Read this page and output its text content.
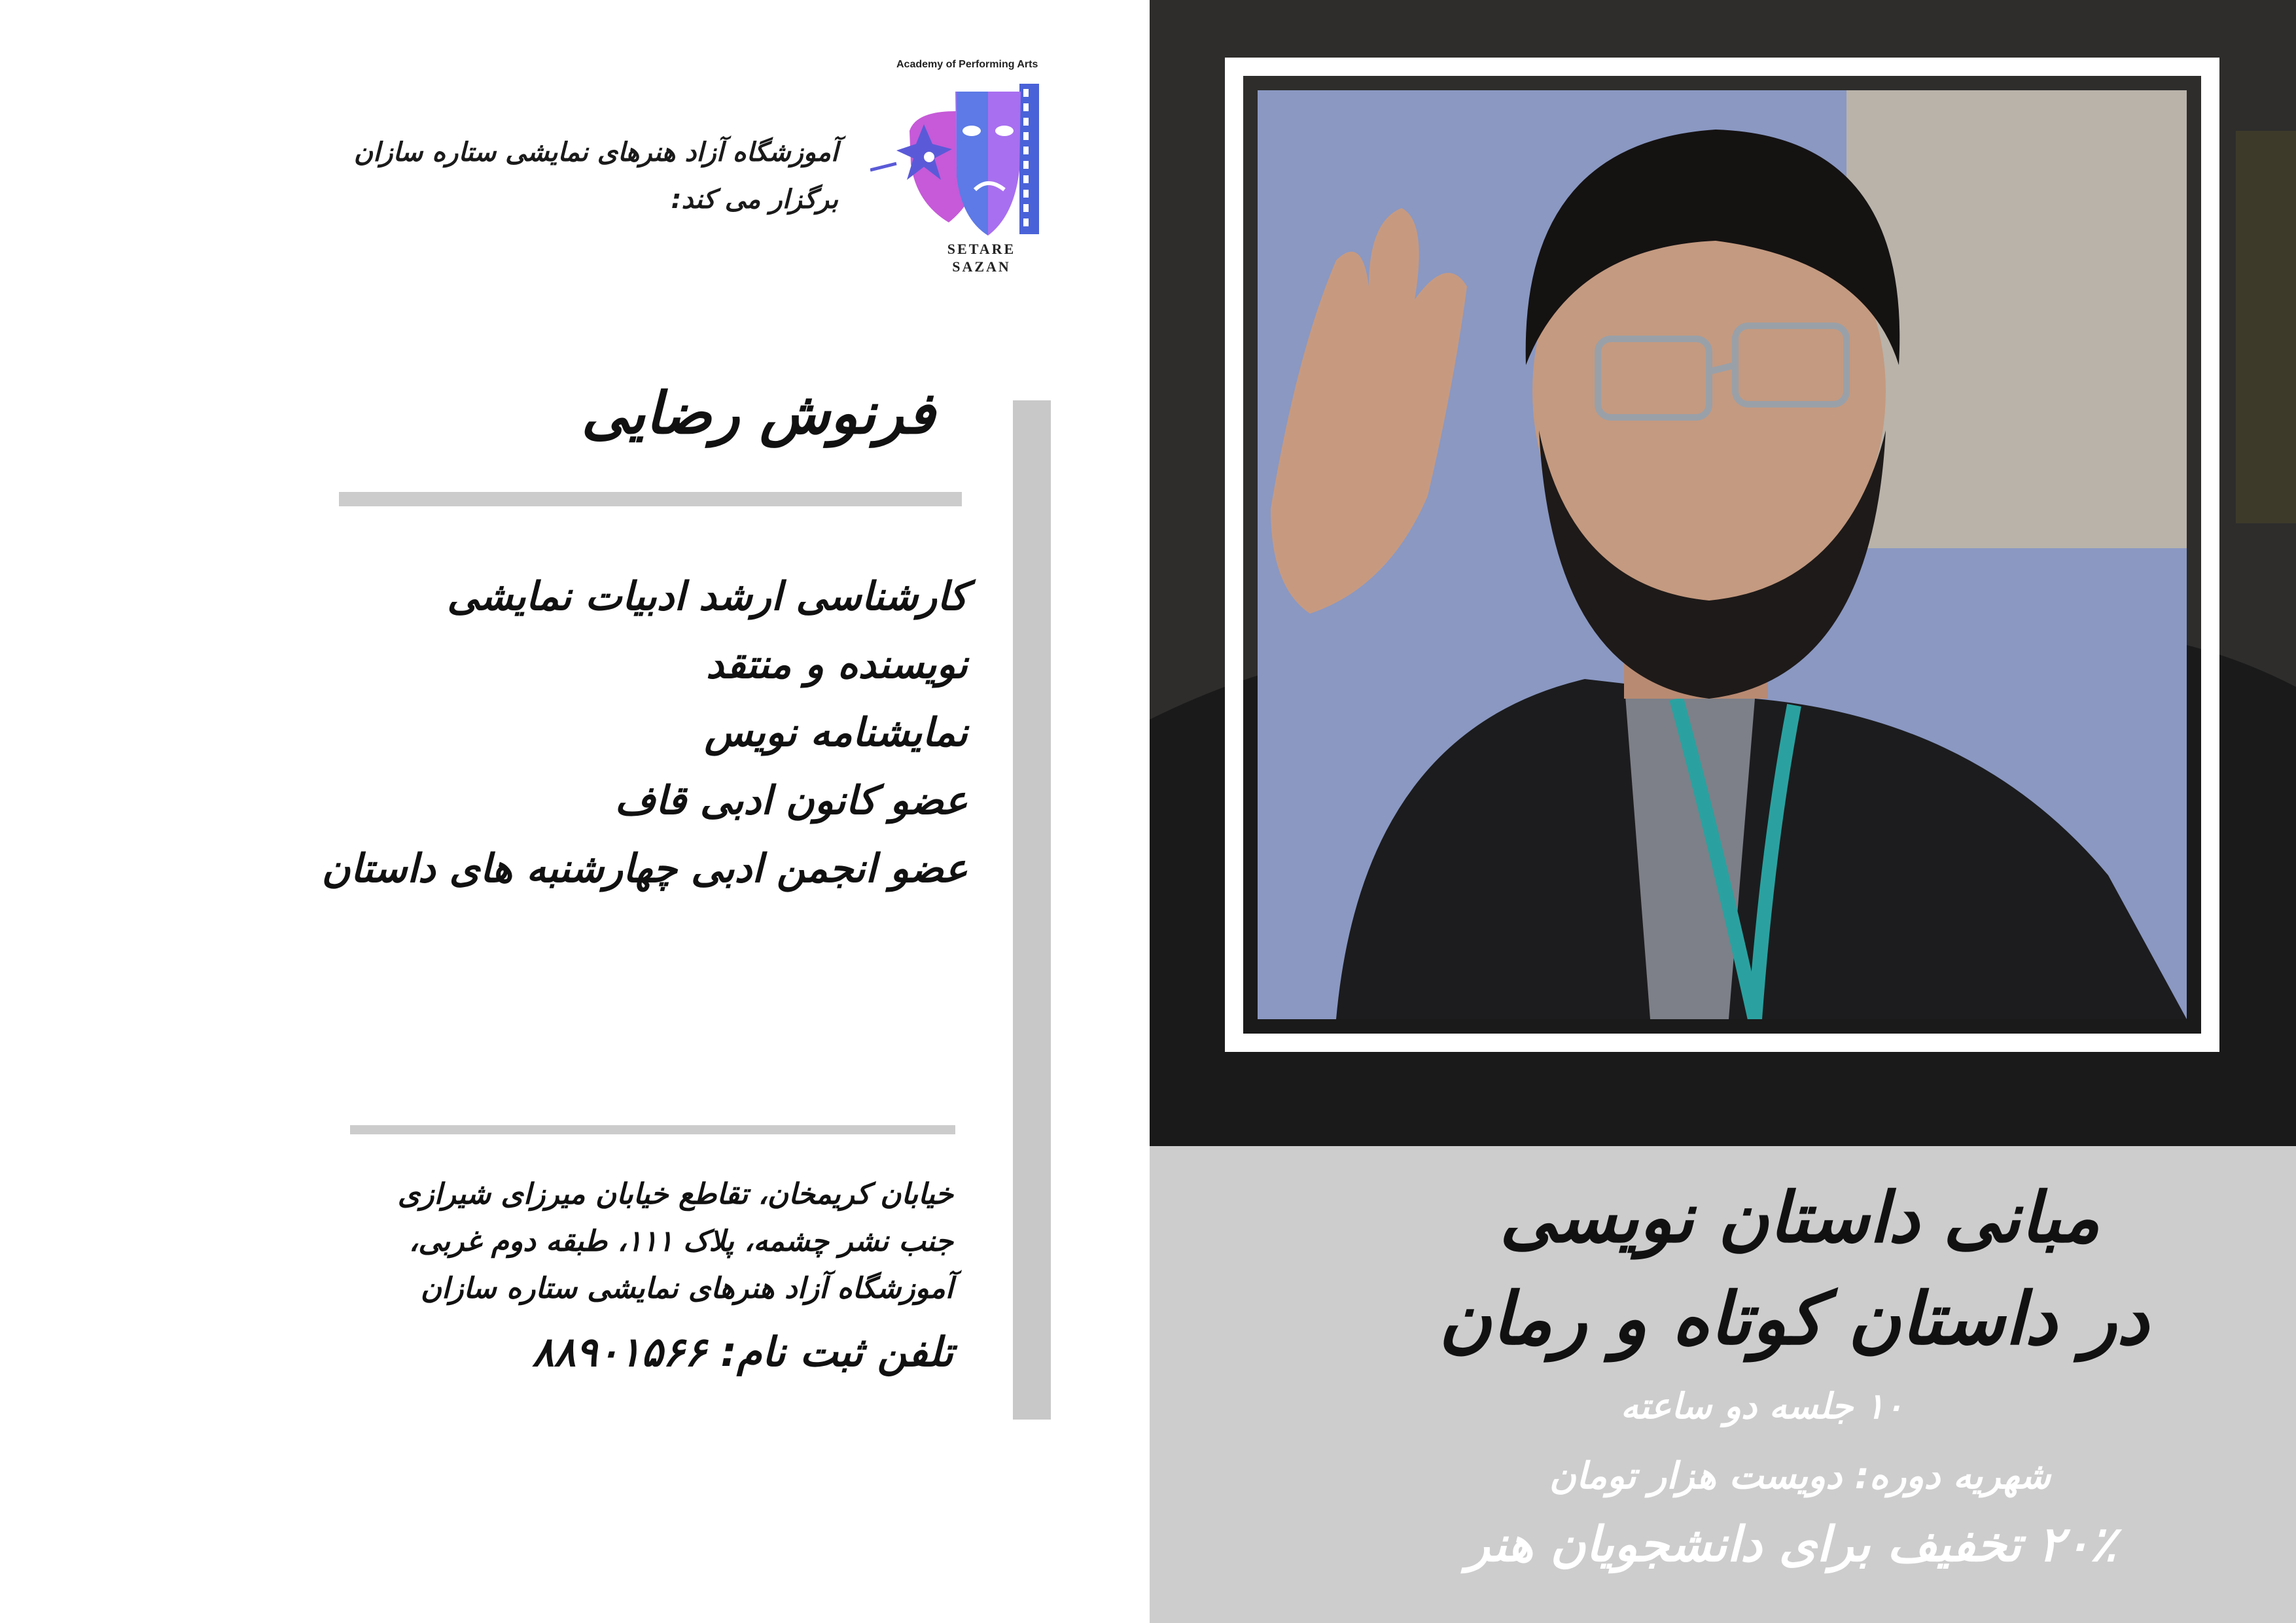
Academy of Performing Arts
SETARE
SAZAN
آموزشگاه آزاد هنرهای نمایشی ستاره سازان
برگزار می کند:
فرنوش رضایی
کارشناسی ارشد ادبیات نمایشی
نویسنده و منتقد
نمایشنامه نویس
عضو کانون ادبی قاف
عضو انجمن ادبی چهارشنبه های داستان
خیابان کریمخان، تقاطع خیابان میرزای شیرازی
جنب نشر چشمه، پلاک ۱۱۱، طبقه دوم غربی،
آموزشگاه آزاد هنرهای نمایشی ستاره سازان
تلفن ثبت نام: ۸۸۹۰۱۵۶۶
مبانی داستان نویسی
در داستان کوتاه و رمان
۱۰ جلسه دو ساعته
شهریه دوره: دویست هزار تومان
۲۰٪ تخفیف برای دانشجویان هنر
